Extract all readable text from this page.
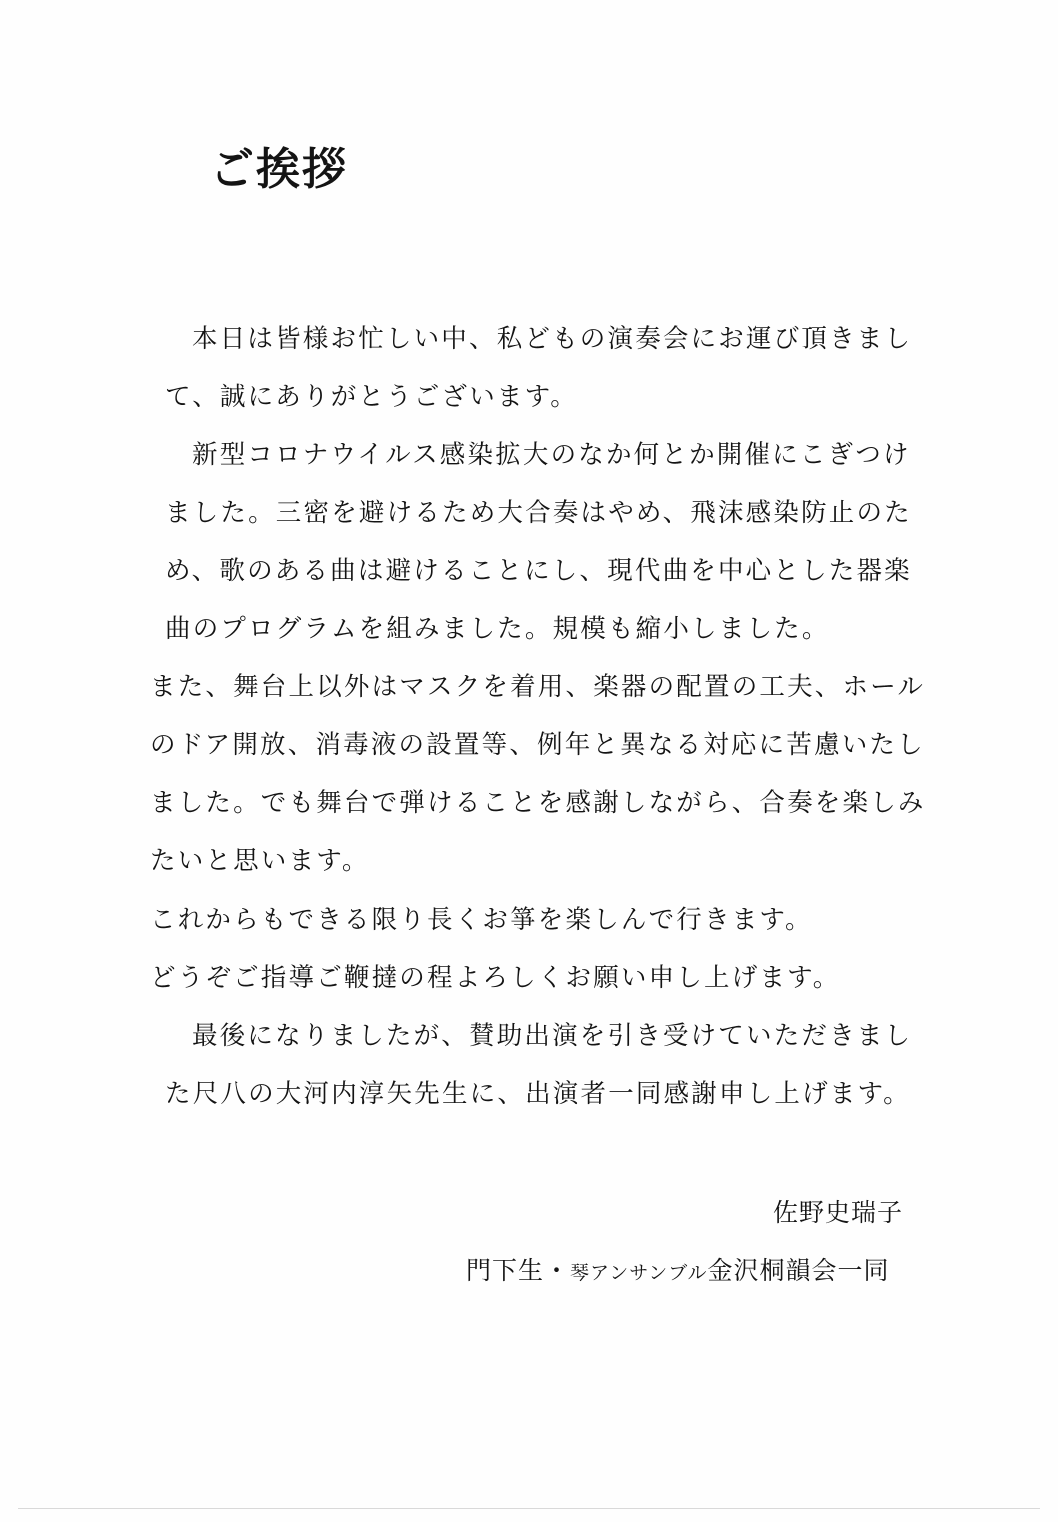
ご挨拶
本日は皆様お忙しい中、私どもの演奏会にお運び頂きまし
て、誠にありがとうございます。
新型コロナウイルス感染拡大のなか何とか開催にこぎつけ
ました。三密を避けるため大合奏はやめ、飛沫感染防止のた
め、歌のある曲は避けることにし、現代曲を中心とした器楽
曲のプログラムを組みました。規模も縮小しました。
また、舞台上以外はマスクを着用、楽器の配置の工夫、ホール
のドア開放、消毒液の設置等、例年と異なる対応に苦慮いたし
ました。でも舞台で弾けることを感謝しながら、合奏を楽しみ
たいと思います。
これからもできる限り長くお箏を楽しんで行きます。
どうぞご指導ご鞭撻の程よろしくお願い申し上げます。
最後になりましたが、賛助出演を引き受けていただきまし
た尺八の大河内淳矢先生に、出演者一同感謝申し上げます。
佐野史瑞子
門下生・琴アンサンブル金沢桐韻会一同
